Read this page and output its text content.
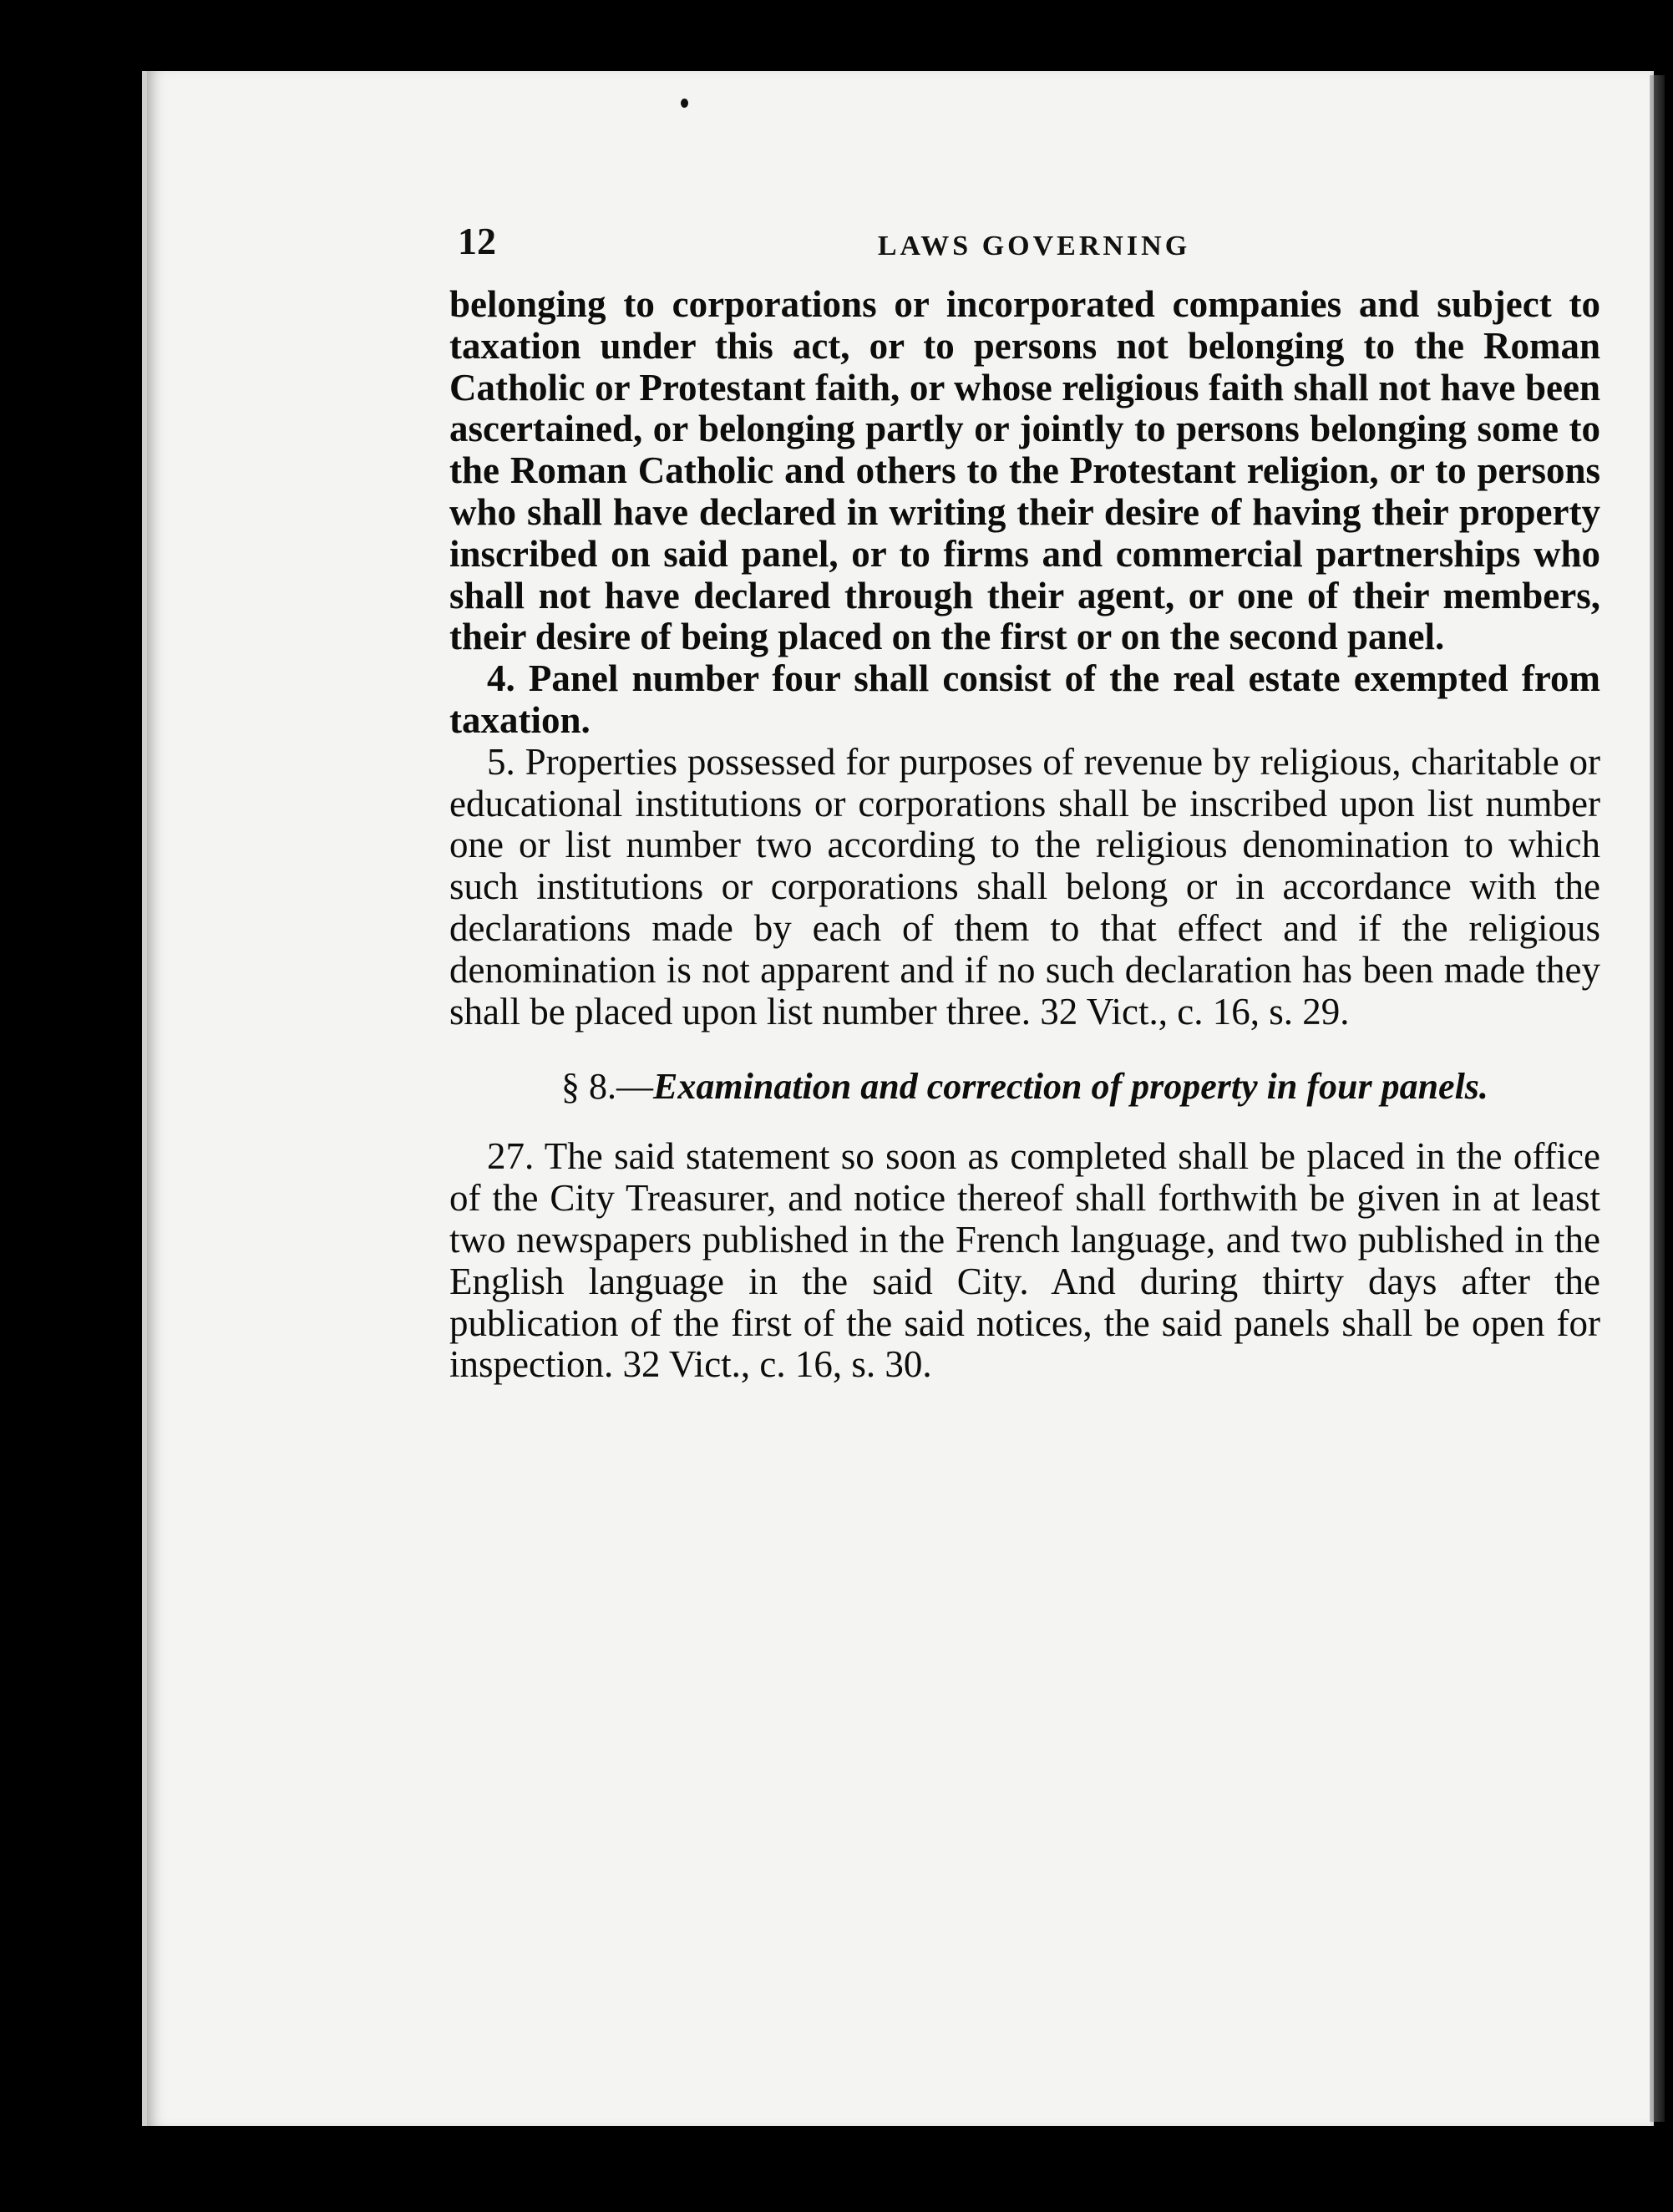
12	LAWS GOVERNING

belonging to corporations or incorporated companies and subject to taxation under this act, or to persons not belonging to the Roman Catholic or Protestant faith, or whose religious faith shall not have been ascertained, or belonging partly or jointly to persons belonging some to the Roman Catholic and others to the Protestant religion, or to persons who shall have declared in writing their desire of having their property inscribed on said panel, or to firms and commercial partnerships who shall not have declared through their agent, or one of their members, their desire of being placed on the first or on the second panel.

4. Panel number four shall consist of the real estate exempted from taxation.

5. Properties possessed for purposes of revenue by religious, charitable or educational institutions or corporations shall be inscribed upon list number one or list number two according to the religious denomination to which such institutions or corporations shall belong or in accordance with the declarations made by each of them to that effect and if the religious denomination is not apparent and if no such declaration has been made they shall be placed upon list number three. 32 Vict., c. 16, s. 29.

§ 8.—Examination and correction of property in four panels.

27. The said statement so soon as completed shall be placed in the office of the City Treasurer, and notice thereof shall forthwith be given in at least two newspapers published in the French language, and two published in the English language in the said City. And during thirty days after the publication of the first of the said notices, the said panels shall be open for inspection. 32 Vict., c. 16, s. 30.
